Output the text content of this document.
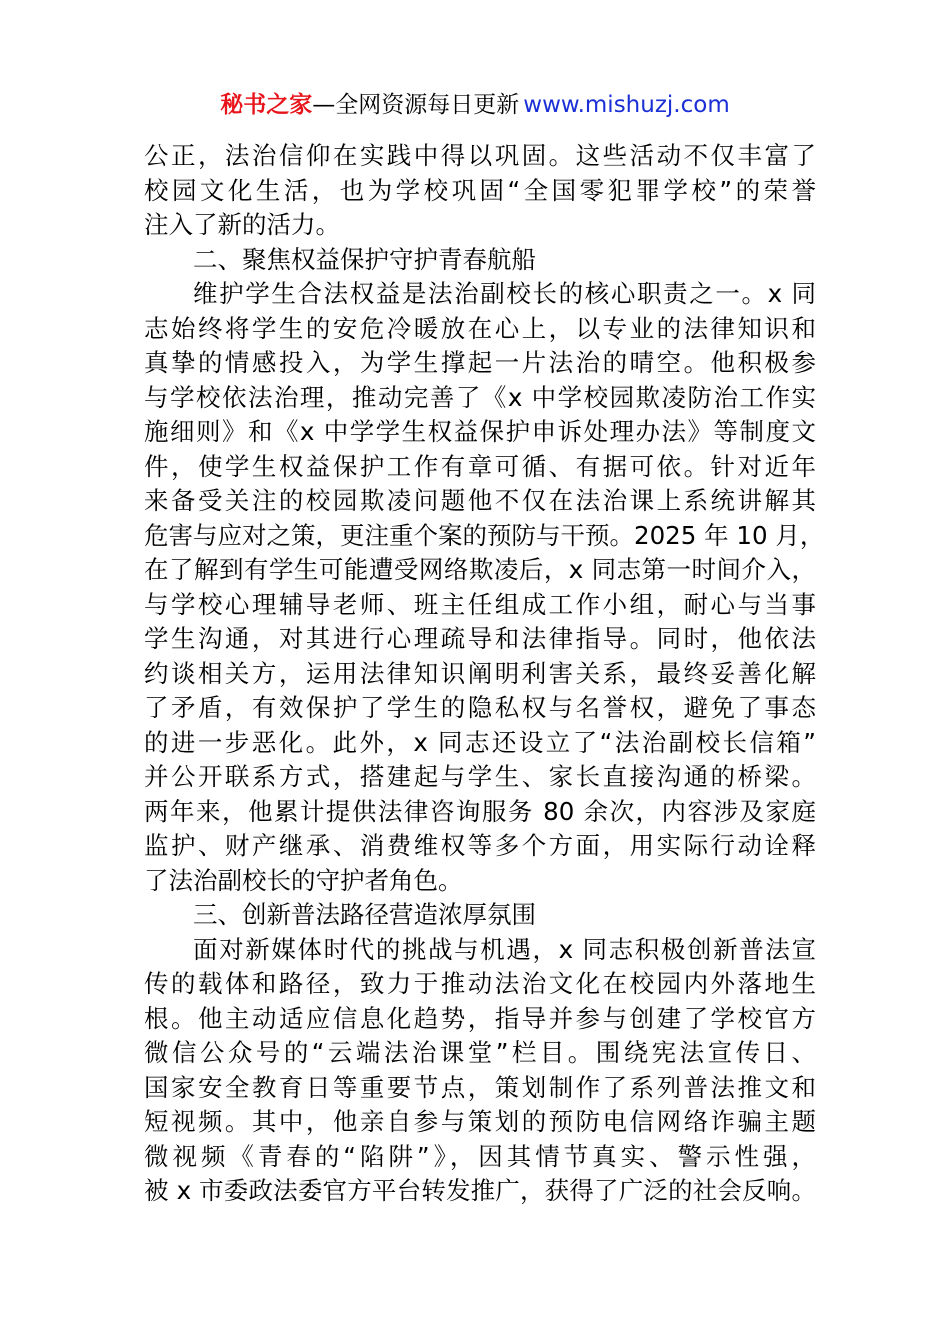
秘书之家—全网资源每日更新 www.mishuzj.com
公正，法治信仰在实践中得以巩固。这些活动不仅丰富了
校园文化生活，也为学校巩固“全国零犯罪学校”的荣誉
注入了新的活力。
二、聚焦权益保护守护青春航船
维护学生合法权益是法治副校长的核心职责之一。x 同
志始终将学生的安危冷暖放在心上，以专业的法律知识和
真挚的情感投入，为学生撑起一片法治的晴空。他积极参
与学校依法治理，推动完善了《x 中学校园欺凌防治工作实
施细则》和《x 中学学生权益保护申诉处理办法》等制度文
件，使学生权益保护工作有章可循、有据可依。针对近年
来备受关注的校园欺凌问题他不仅在法治课上系统讲解其
危害与应对之策，更注重个案的预防与干预。2025 年 10 月，
在了解到有学生可能遭受网络欺凌后，x 同志第一时间介入，
与学校心理辅导老师、班主任组成工作小组，耐心与当事
学生沟通，对其进行心理疏导和法律指导。同时，他依法
约谈相关方，运用法律知识阐明利害关系，最终妥善化解
了矛盾，有效保护了学生的隐私权与名誉权，避免了事态
的进一步恶化。此外，x 同志还设立了“法治副校长信箱”
并公开联系方式，搭建起与学生、家长直接沟通的桥梁。
两年来，他累计提供法律咨询服务 80 余次，内容涉及家庭
监护、财产继承、消费维权等多个方面，用实际行动诠释
了法治副校长的守护者角色。
三、创新普法路径营造浓厚氛围
面对新媒体时代的挑战与机遇，x 同志积极创新普法宣
传的载体和路径，致力于推动法治文化在校园内外落地生
根。他主动适应信息化趋势，指导并参与创建了学校官方
微信公众号的“云端法治课堂”栏目。围绕宪法宣传日、
国家安全教育日等重要节点，策划制作了系列普法推文和
短视频。其中，他亲自参与策划的预防电信网络诈骗主题
微视频《青春的“陷阱”》，因其情节真实、警示性强，
被 x 市委政法委官方平台转发推广，获得了广泛的社会反响。
